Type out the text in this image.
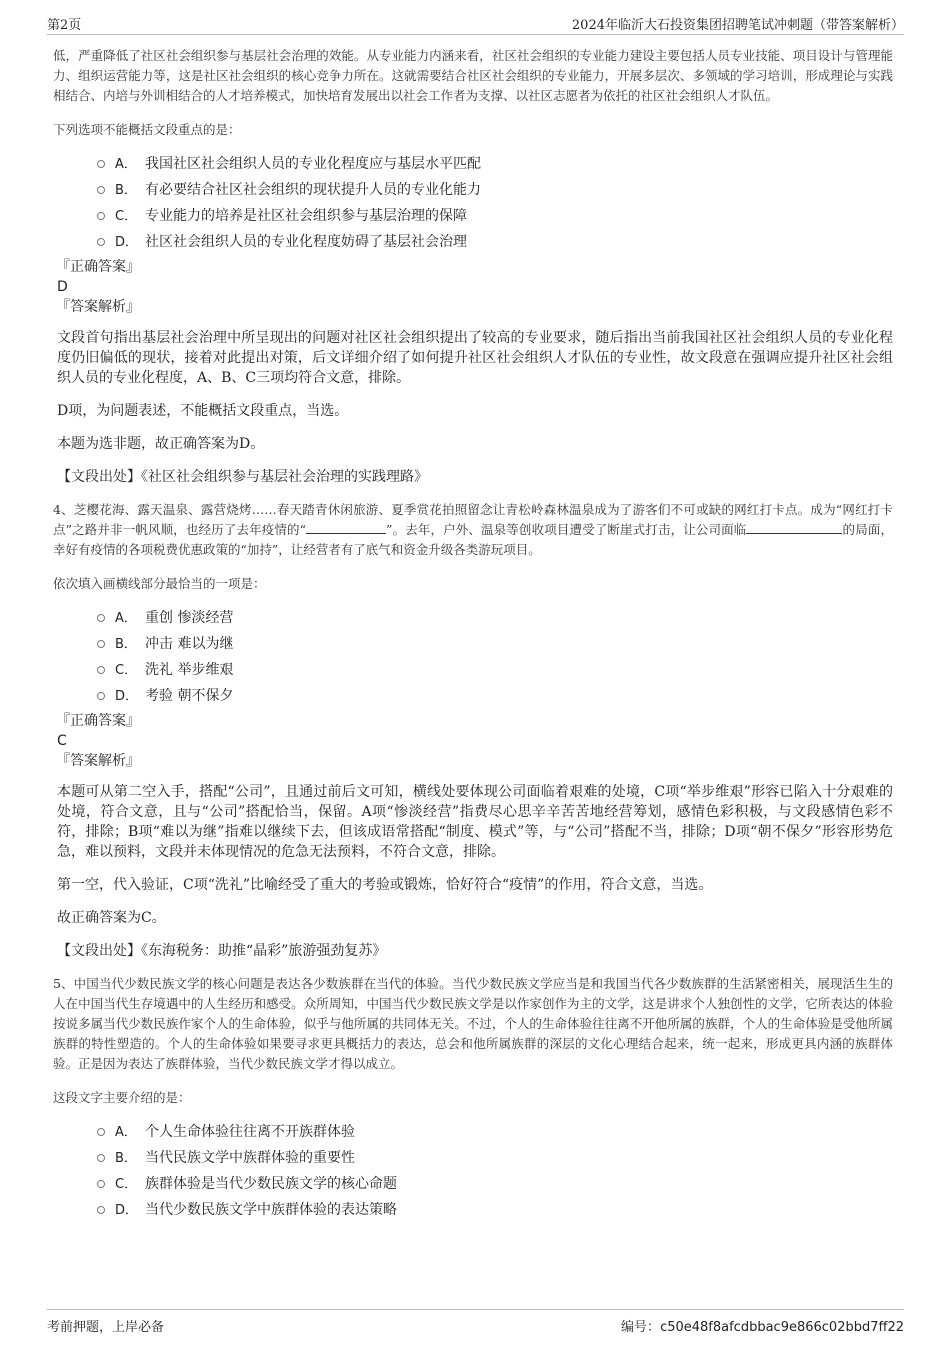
第2页	2024年临沂大石投资集团招聘笔试冲刺题（带答案解析）

低，严重降低了社区社会组织参与基层社会治理的效能。从专业能力内涵来看，社区社会组织的专业能力建设主要包括人员专业技能、项目设计与管理能力、组织运营能力等，这是社区社会组织的核心竞争力所在。这就需要结合社区社会组织的专业能力，开展多层次、多领域的学习培训，形成理论与实践相结合、内培与外训相结合的人才培养模式，加快培育发展出以社会工作者为支撑、以社区志愿者为依托的社区社会组织人才队伍。

下列选项不能概括文段重点的是：

A． 我国社区社会组织人员的专业化程度应与基层水平匹配
B． 有必要结合社区社会组织的现状提升人员的专业化能力
C． 专业能力的培养是社区社会组织参与基层治理的保障
D． 社区社会组织人员的专业化程度妨碍了基层社会治理

『正确答案』

D

『答案解析』

文段首句指出基层社会治理中所呈现出的问题对社区社会组织提出了较高的专业要求，随后指出当前我国社区社会组织人员的专业化程度仍旧偏低的现状，接着对此提出对策，后文详细介绍了如何提升社区社会组织人才队伍的专业性，故文段意在强调应提升社区社会组织人员的专业化程度，A、B、C三项均符合文意，排除。

D项，为问题表述，不能概括文段重点，当选。

本题为选非题，故正确答案为D。

【文段出处】《社区社会组织参与基层社会治理的实践理路》

4、芝樱花海、露天温泉、露营烧烤……春天踏青休闲旅游、夏季赏花拍照留念让青松岭森林温泉成为了游客们不可或缺的网红打卡点。成为“网红打卡点”之路并非一帆风顺，也经历了去年疫情的“	”。去年，户外、温泉等创收项目遭受了断崖式打击，让公司面临	的局面，幸好有疫情的各项税费优惠政策的“加持”，让经营者有了底气和资金升级各类游玩项目。

依次填入画横线部分最恰当的一项是：

A． 重创 惨淡经营
B． 冲击 难以为继
C． 洗礼 举步维艰
D． 考验 朝不保夕

『正确答案』

C

『答案解析』

本题可从第二空入手，搭配“公司”，且通过前后文可知，横线处要体现公司面临着艰难的处境，C项“举步维艰”形容已陷入十分艰难的处境，符合文意，且与“公司”搭配恰当，保留。A项“惨淡经营”指费尽心思辛辛苦苦地经营筹划，感情色彩积极，与文段感情色彩不符，排除；B项“难以为继”指难以继续下去，但该成语常搭配“制度、模式”等，与“公司”搭配不当，排除；D项“朝不保夕”形容形势危急，难以预料，文段并未体现情况的危急无法预料，不符合文意，排除。

第一空，代入验证，C项“洗礼”比喻经受了重大的考验或锻炼，恰好符合“疫情”的作用，符合文意，当选。

故正确答案为C。

【文段出处】《东海税务：助推“晶彩”旅游强劲复苏》

5、中国当代少数民族文学的核心问题是表达各少数族群在当代的体验。当代少数民族文学应当是和我国当代各少数族群的生活紧密相关，展现活生生的人在中国当代生存境遇中的人生经历和感受。众所周知，中国当代少数民族文学是以作家创作为主的文学，这是讲求个人独创性的文学，它所表达的体验按说多属当代少数民族作家个人的生命体验，似乎与他所属的共同体无关。不过，个人的生命体验往往离不开他所属的族群，个人的生命体验是受他所属族群的特性塑造的。个人的生命体验如果要寻求更具概括力的表达，总会和他所属族群的深层的文化心理结合起来，统一起来，形成更具内涵的族群体验。正是因为表达了族群体验，当代少数民族文学才得以成立。

这段文字主要介绍的是：

A． 个人生命体验往往离不开族群体验
B． 当代民族文学中族群体验的重要性
C． 族群体验是当代少数民族文学的核心命题
D． 当代少数民族文学中族群体验的表达策略
考前押题，上岸必备	编号：c50e48f8afcdbbac9e866c02bbd7ff22
